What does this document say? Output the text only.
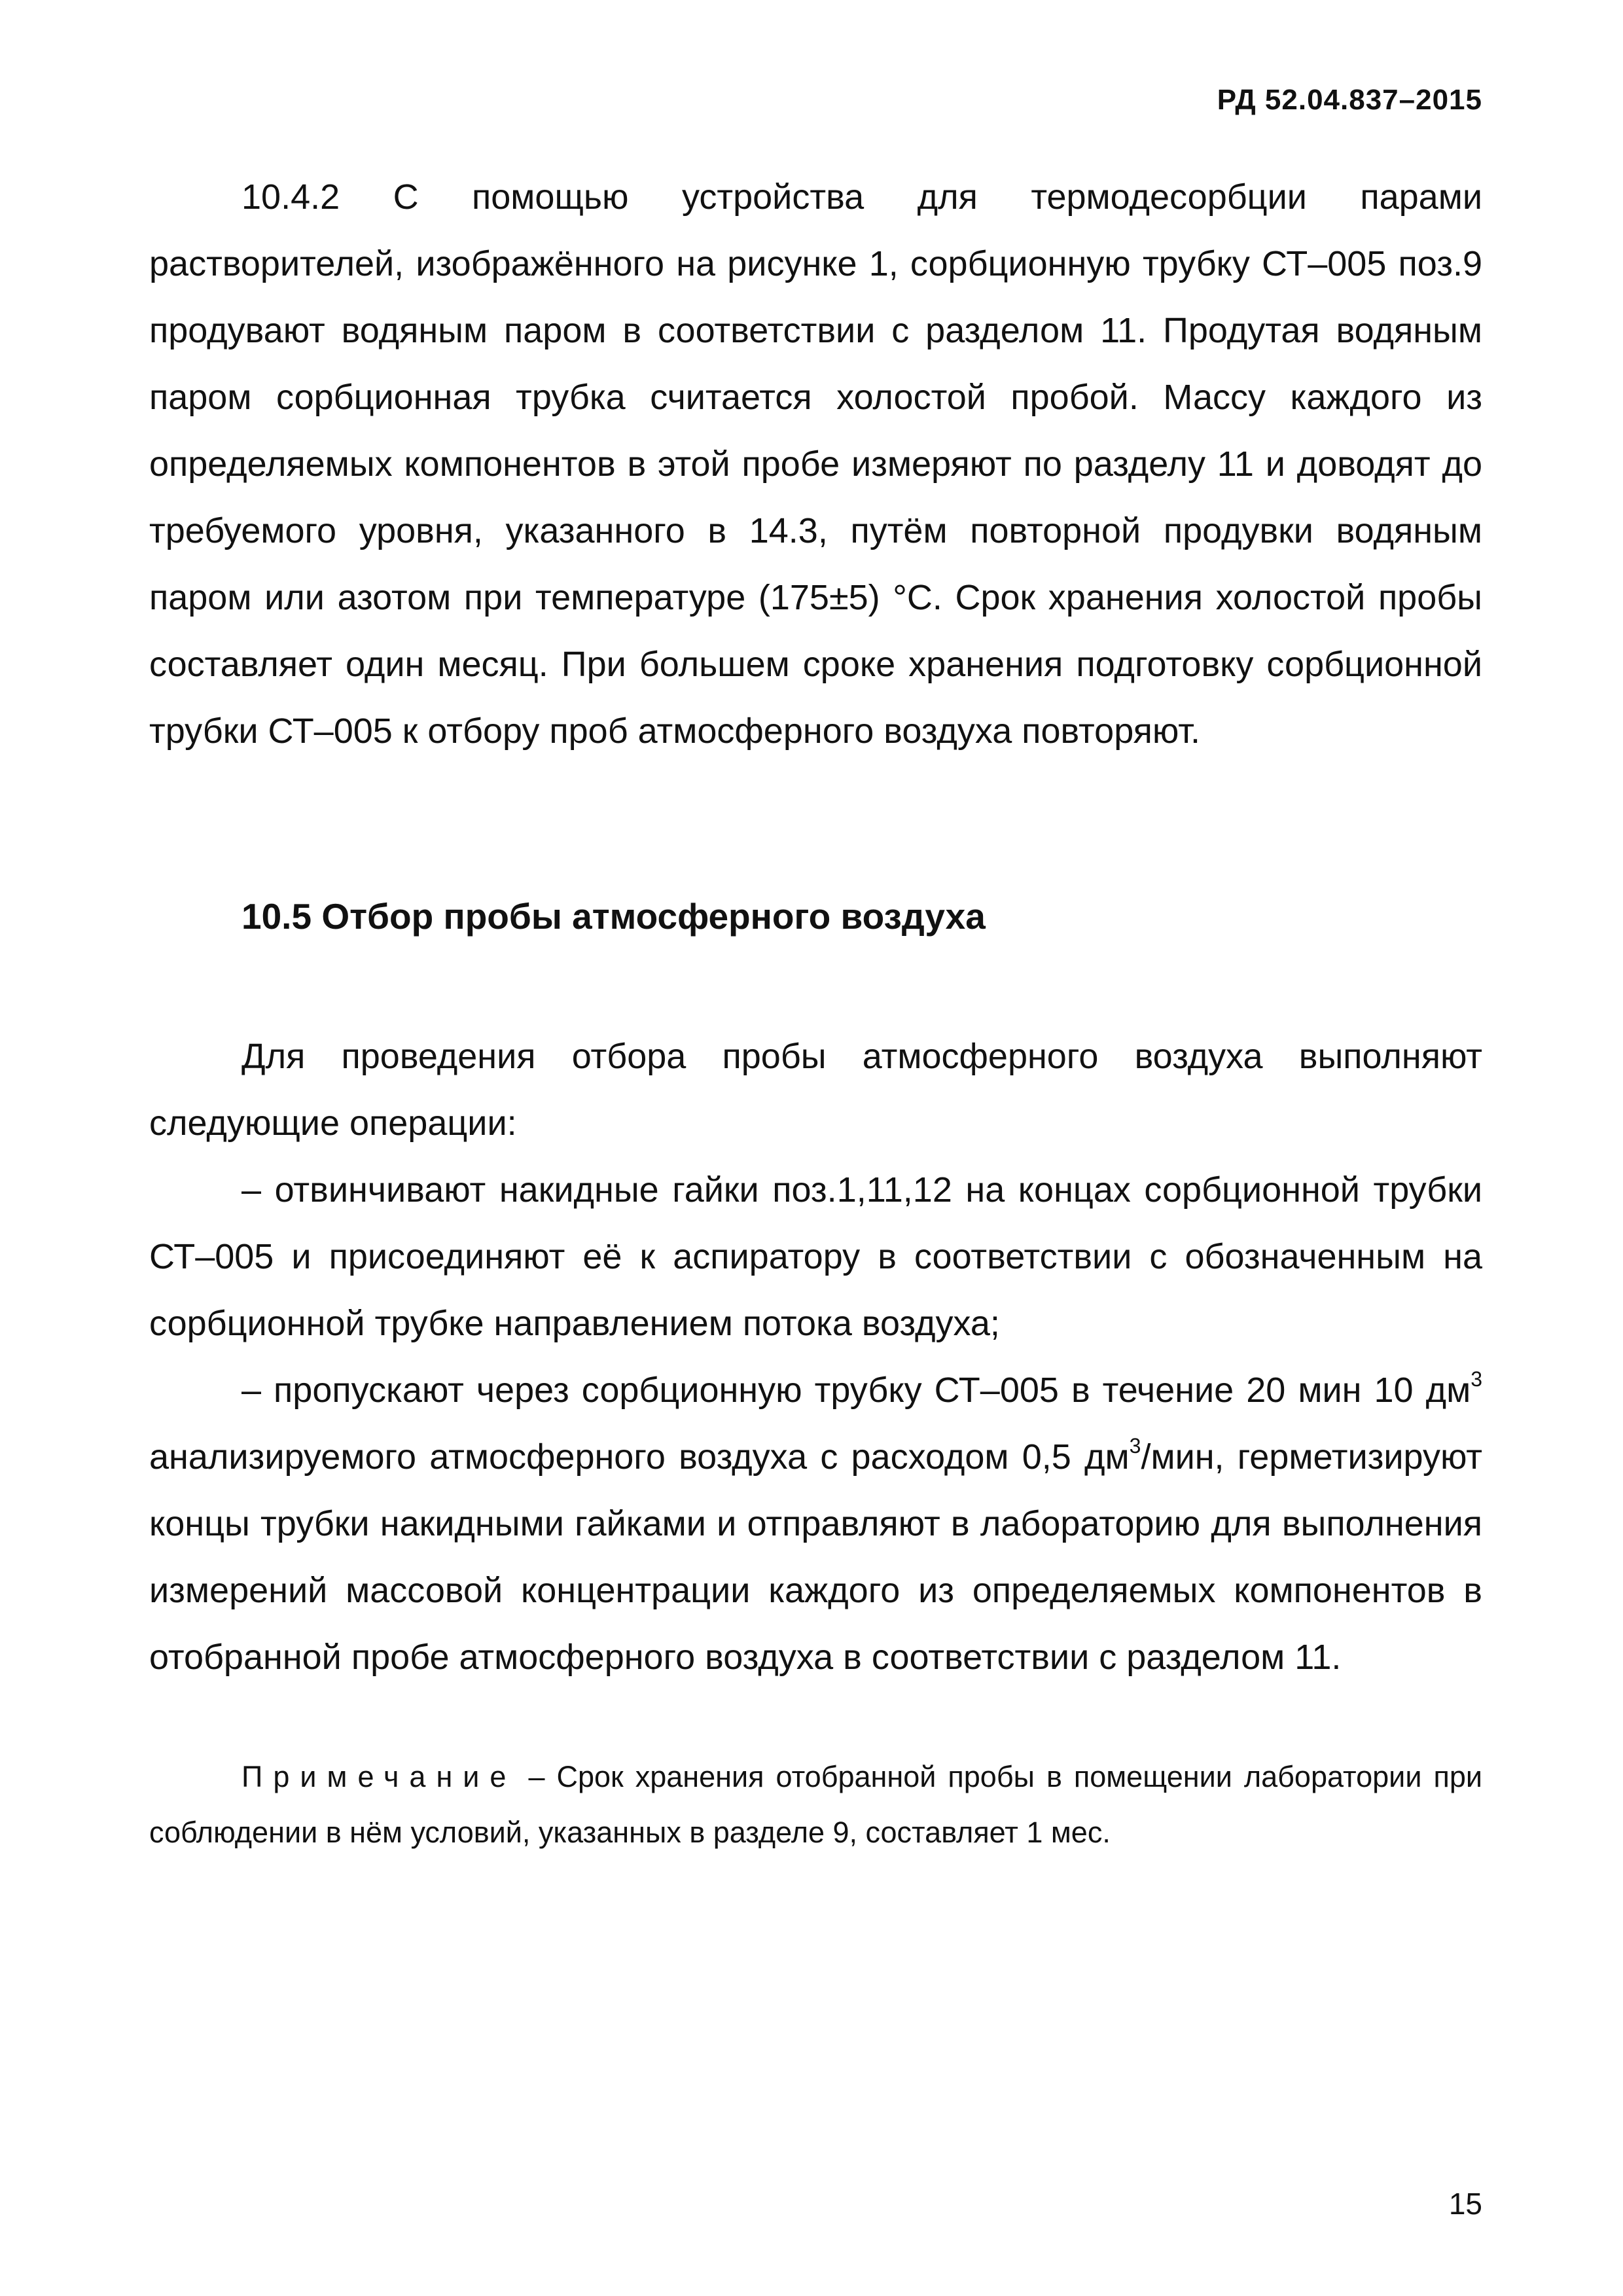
РД 52.04.837–2015

10.4.2 С помощью устройства для термодесорбции парами растворителей, изображённого на рисунке 1, сорбционную трубку СТ–005 поз.9 продувают водяным паром в соответствии с разделом 11. Продутая водяным паром сорбционная трубка считается холостой пробой. Массу каждого из определяемых компонентов в этой пробе измеряют по разделу 11 и доводят до требуемого уровня, указанного в 14.3, путём повторной продувки водяным паром или азотом при температуре (175±5) °С. Срок хранения холостой пробы составляет один месяц. При большем сроке хранения подготовку сорбционной трубки СТ–005 к отбору проб атмосферного воздуха повторяют.

10.5 Отбор пробы атмосферного воздуха

Для проведения отбора пробы атмосферного воздуха выполняют следующие операции:

– отвинчивают накидные гайки поз.1,11,12 на концах сорбционной трубки СТ–005 и присоединяют её к аспиратору в соответствии с обозначенным на сорбционной трубке направлением потока воздуха;

– пропускают через сорбционную трубку СТ–005 в течение 20 мин 10 $дм^3$ анализируемого атмосферного воздуха с расходом 0,5 $дм^3$/мин, герметизируют концы трубки накидными гайками и отправляют в лабораторию для выполнения измерений массовой концентрации каждого из определяемых компонентов в отобранной пробе атмосферного воздуха в соответствии с разделом 11.

Примечание – Срок хранения отобранной пробы в помещении лаборатории при соблюдении в нём условий, указанных в разделе 9, составляет 1 мес.
15
